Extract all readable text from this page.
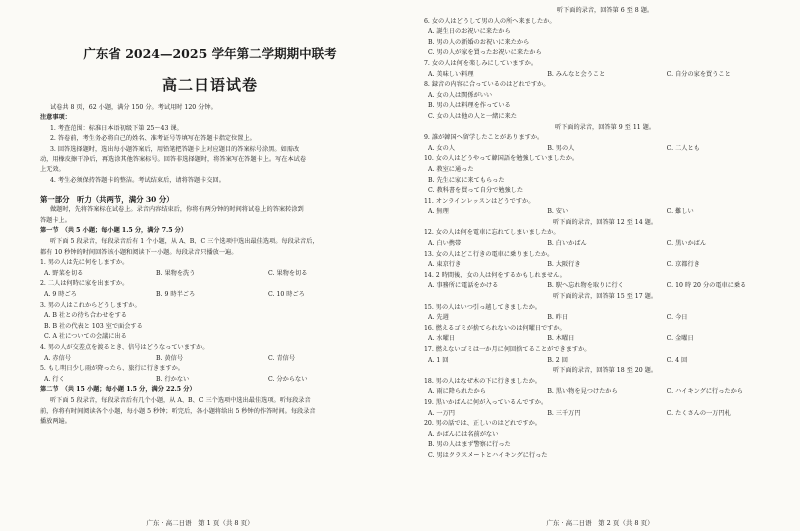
广东省 2024—2025 学年第二学期期中联考
高二日语试卷
试卷共 8 页，62 小题，满分 150 分。考试用时 120 分钟。
注意事项：
1. 考查范围：标准日本语初级下第 25～43 课。
2. 答卷前，考生务必将自己的姓名、准考证号等填写在答题卡指定位置上。
3. 回答选择题时，选出每小题答案后，用铅笔把答题卡上对应题目的答案标号涂黑。如需改
动，用橡皮擦干净后，再选涂其他答案标号。回答非选择题时，将答案写在答题卡上。写在本试卷
上无效。
4. 考生必须保持答题卡的整洁。考试结束后，请将答题卡交回。
第一部分　听力（共两节，满分 30 分）
做题时，先将答案标在试卷上。录音内容结束后，你将有两分钟的时间将试卷上的答案转涂到
答题卡上。
第一节　（共 5 小题；每小题 1.5 分，满分 7.5 分）
听下面 5 段录音，每段录音后有 1 个小题，从 A、B、C 三个选项中选出最佳选项。每段录音后，
都有 10 秒钟的时间回答该小题和阅读下一小题。每段录音只播放一遍。
1. 男の人は先に何をしますか。
A. 野菜を切る	B. 果物を洗う	C. 果物を切る
2. 二人は何時に家を出ますか。
A. 9 時ごろ	B. 9 時半ごろ	C. 10 時ごろ
3. 男の人はこれからどうしますか。
A. B 社との待ち合わせをする
B. B 社の代表と 103 室で面会する
C. A 社についての会議に出る
4. 男の人が交差点を渡るとき、信号はどうなっていますか。
A. 赤信号	B. 黄信号	C. 青信号
5. もし明日少し雨が降ったら、旅行に行きますか。
A. 行く	B. 行かない	C. 分からない
第二节　（共 15 小题；每小题 1.5 分，满分 22.5 分）
听下面 5 段录音，每段录音后有几个小题，从 A、B、C 三个选项中选出最佳选项。听每段录音
前，你将有时间阅读各个小题，每小题 5 秒钟；听完后，各小题将给出 5 秒钟的作答时间。每段录音
播放两遍。
广东 · 高二日语　第 1 页（共 8 页）
听下面的录音，回答第 6 至 8 题。
6. 女の人はどうして男の人の所へ来ましたか。
A. 誕生日のお祝いに来たから
B. 男の人の新婚のお祝いに来たから
C. 男の人が家を買ったお祝いに来たから
7. 女の人は何を楽しみにしていますか。
A. 美味しい料理	B. みんなと会うこと	C. 自分の家を買うこと
8. 録音の内容に合っているのはどれですか。
A. 女の人は関係がいい
B. 男の人は料理を作っている
C. 女の人は他の人と一緒に来た
听下面的录音，回答第 9 至 11 题。
9. 誰が韓国へ留学したことがありますか。
A. 女の人	B. 男の人	C. 二人とも
10. 女の人はどうやって韓国語を勉強していましたか。
A. 教室に通った
B. 先生に家に来てもらった
C. 教科書を買って自分で勉強した
11. オンラインレッスンはどうですか。
A. 無理	B. 安い	C. 難しい
听下面的录音，回答第 12 至 14 题。
12. 女の人は何を電車に忘れてしまいましたか。
A. 白い携帯	B. 白いかばん	C. 黒いかばん
13. 女の人はどこ行きの電車に乗りましたか。
A. 東京行き	B. 大阪行き	C. 京都行き
14. 2 時間後、女の人は何をするかもしれません。
A. 事務所に電話をかける	B. 駅へ忘れ物を取りに行く	C. 10 時 20 分の電車に乗る
听下面的录音，回答第 15 至 17 题。
15. 男の人はいつ引っ越してきましたか。
A. 先週	B. 昨日	C. 今日
16. 燃えるゴミが捨てられないのは何曜日ですか。
A. 水曜日	B. 木曜日	C. 金曜日
17. 燃えないゴミは一か月に何回捨てることができますか。
A. 1 回	B. 2 回	C. 4 回
听下面的录音，回答第 18 至 20 题。
18. 男の人はなぜ木の下に行きましたか。
A. 雨に降られたから	B. 黒い物を見つけたから	C. ハイキングに行ったから
19. 黒いかばんに何が入っているんですか。
A. 一万円	B. 三千万円	C. たくさんの一万円札
20. 男の話では、正しいのはどれですか。
A. かばんには名前がない
B. 男の人はまず警察に行った
C. 男はクラスメートとハイキングに行った
广东 · 高二日语　第 2 页（共 8 页）
